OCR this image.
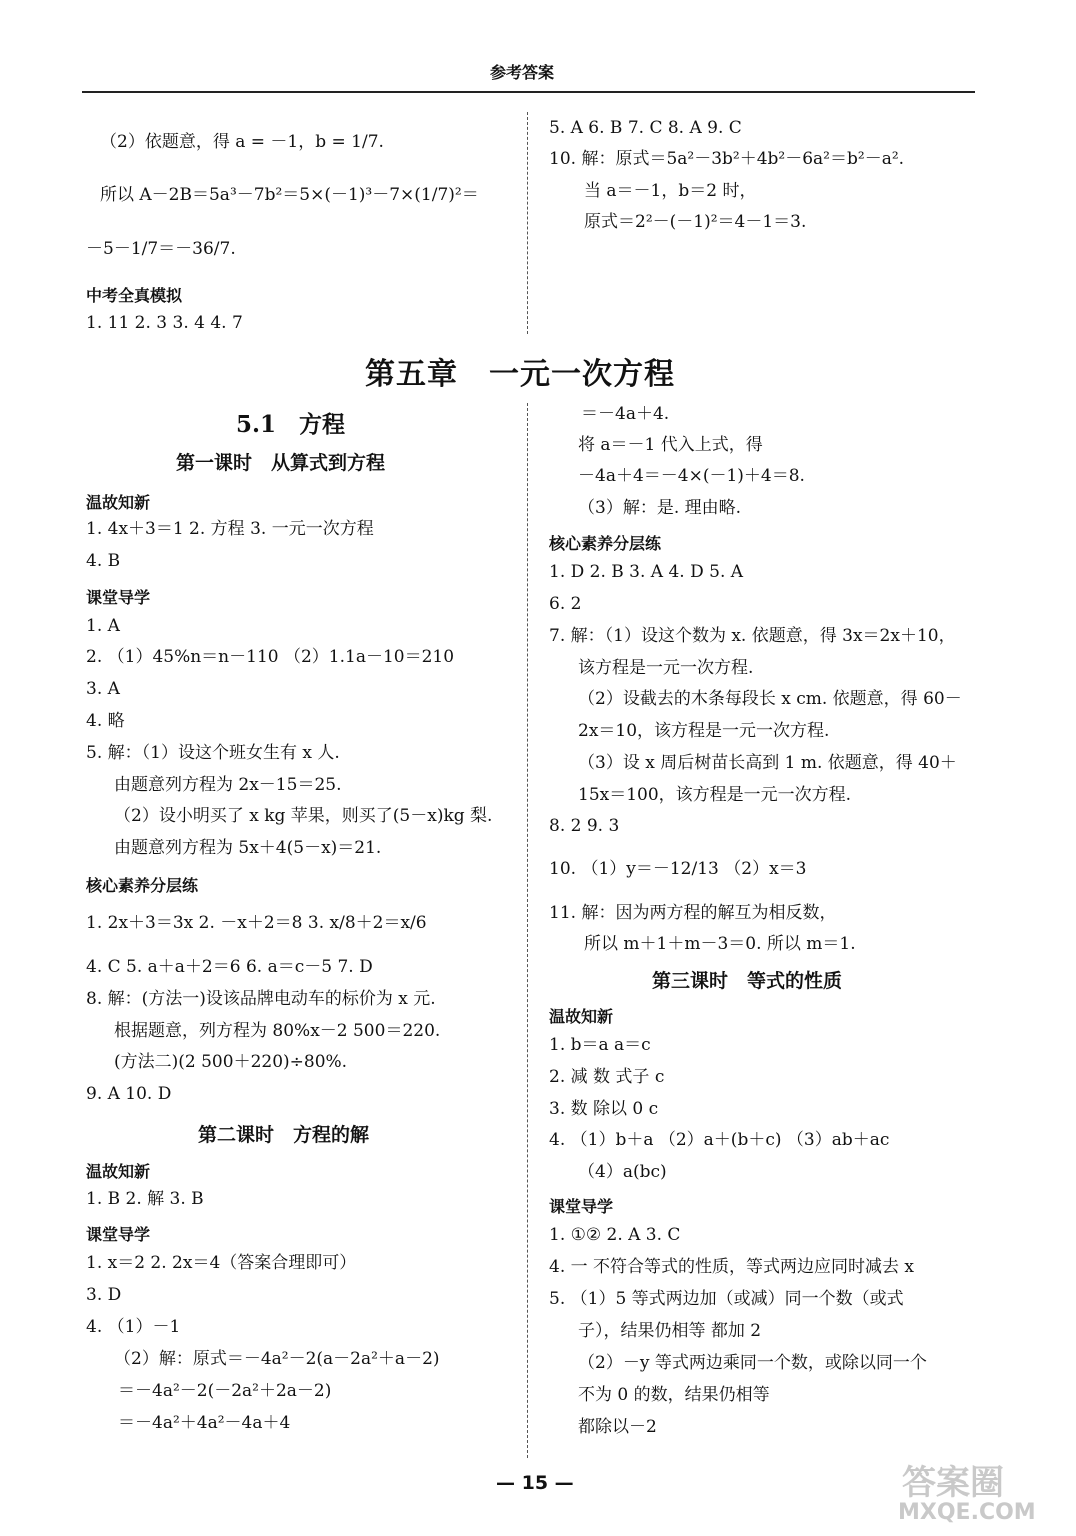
参考答案
（2）依题意，得 a = －1，b = 1/7.
所以 A－2B＝5a³－7b²＝5×(－1)³－7×(1/7)²＝
－5－1/7＝－36/7.
中考全真模拟
1. 11 2. 3 3. 4 4. 7
5. A 6. B 7. C 8. A 9. C
10. 解：原式＝5a²－3b²＋4b²－6a²＝b²－a².
当 a＝－1，b＝2 时，
原式＝2²－(－1)²＝4－1＝3.
第五章　一元一次方程
5.1　方程
第一课时　从算式到方程
温故知新
1. 4x＋3＝1 2. 方程 3. 一元一次方程
4. B
课堂导学
1. A
2. （1）45%n＝n－110 （2）1.1a－10＝210
3. A
4. 略
5. 解：（1）设这个班女生有 x 人.
由题意列方程为 2x－15＝25.
（2）设小明买了 x kg 苹果，则买了(5－x)kg 梨.
由题意列方程为 5x＋4(5－x)＝21.
核心素养分层练
1. 2x＋3＝3x 2. －x＋2＝8 3. x/8＋2＝x/6
4. C 5. a＋a＋2＝6 6. a＝c－5 7. D
8. 解：(方法一)设该品牌电动车的标价为 x 元.
根据题意，列方程为 80%x－2 500＝220.
(方法二)(2 500＋220)÷80%.
9. A 10. D
第二课时　方程的解
温故知新
1. B 2. 解 3. B
课堂导学
1. x＝2 2. 2x＝4（答案合理即可）
3. D
4. （1）－1
（2）解：原式＝－4a²－2(a－2a²＋a－2)
＝－4a²－2(－2a²＋2a－2)
＝－4a²＋4a²－4a＋4
＝－4a＋4.
将 a＝－1 代入上式，得
－4a＋4＝－4×(－1)＋4＝8.
（3）解：是. 理由略.
核心素养分层练
1. D 2. B 3. A 4. D 5. A
6. 2
7. 解：（1）设这个数为 x. 依题意，得 3x＝2x＋10，
该方程是一元一次方程.
（2）设截去的木条每段长 x cm. 依题意，得 60－
2x＝10，该方程是一元一次方程.
（3）设 x 周后树苗长高到 1 m. 依题意，得 40＋
15x＝100，该方程是一元一次方程.
8. 2 9. 3
10. （1）y＝－12/13 （2）x＝3
11. 解：因为两方程的解互为相反数，
所以 m＋1＋m－3＝0. 所以 m＝1.
第三课时　等式的性质
温故知新
1. b＝a a＝c
2. 减 数 式子 c
3. 数 除以 0 c
4. （1）b＋a （2）a＋(b＋c) （3）ab＋ac
（4）a(bc)
课堂导学
1. ①② 2. A 3. C
4. 一 不符合等式的性质，等式两边应同时减去 x
5. （1）5 等式两边加（或减）同一个数（或式
子），结果仍相等 都加 2
（2）－y 等式两边乘同一个数，或除以同一个
不为 0 的数，结果仍相等
都除以－2
— 15 —	答案圈
MXQE.COM
